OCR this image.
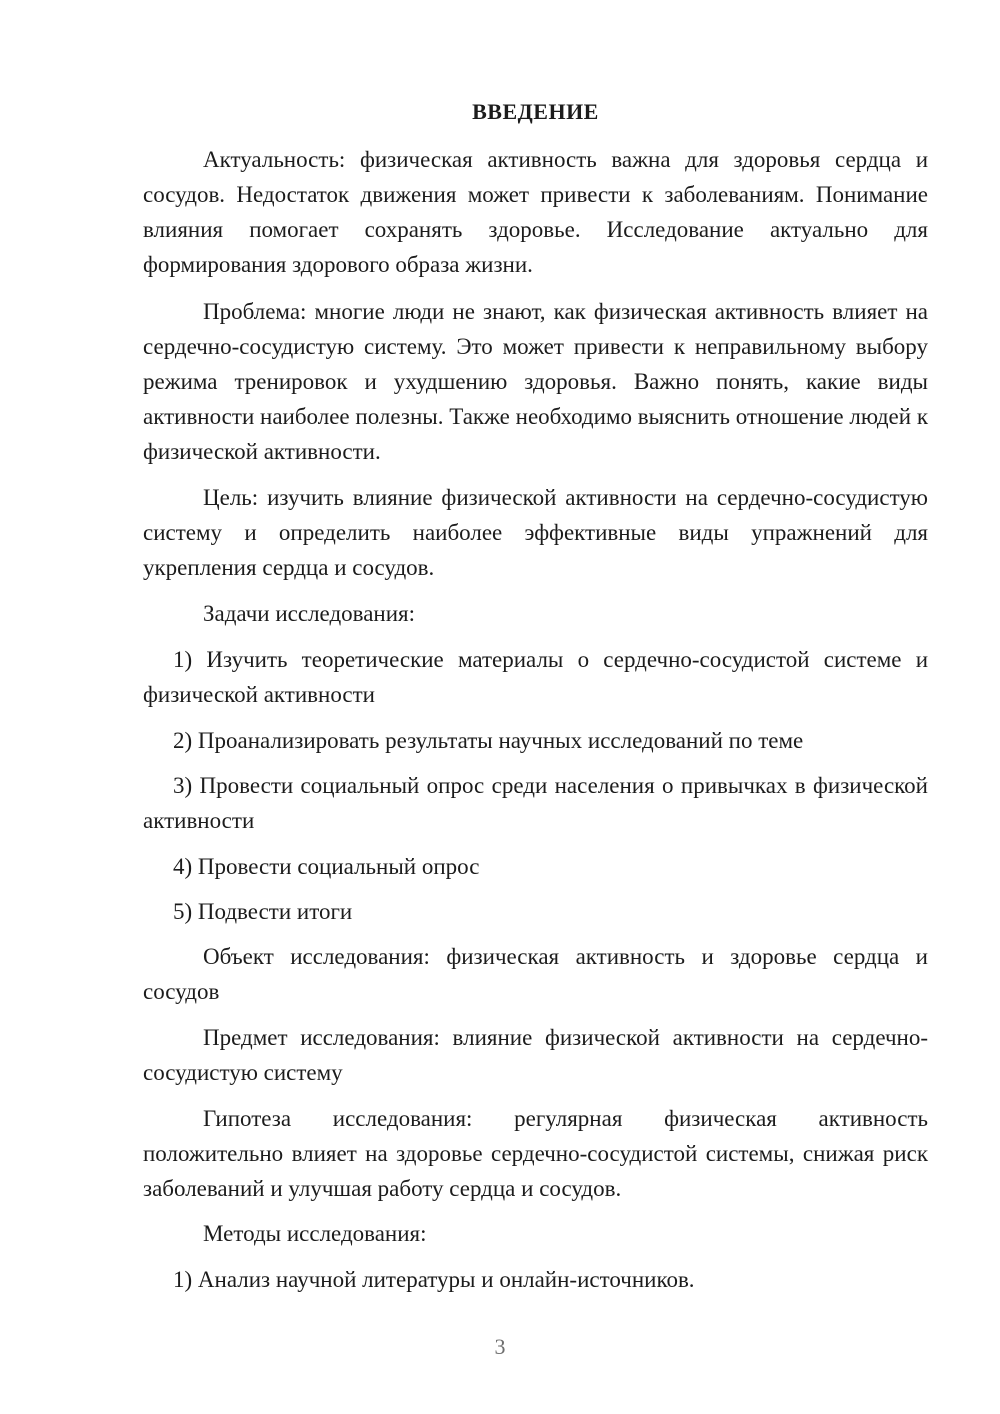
ВВЕДЕНИЕ

Актуальность: физическая активность важна для здоровья сердца и сосудов. Недостаток движения может привести к заболеваниям. Понимание влияния помогает сохранять здоровье. Исследование актуально для формирования здорового образа жизни.

Проблема: многие люди не знают, как физическая активность влияет на сердечно-сосудистую систему. Это может привести к неправильному выбору режима тренировок и ухудшению здоровья. Важно понять, какие виды активности наиболее полезны. Также необходимо выяснить отношение людей к физической активности.

Цель: изучить влияние физической активности на сердечно-сосудистую систему и определить наиболее эффективные виды упражнений для укрепления сердца и сосудов.

Задачи исследования:

1) Изучить теоретические материалы о сердечно-сосудистой системе и физической активности

2) Проанализировать результаты научных исследований по теме

3) Провести социальный опрос среди населения о привычках в физической активности

4) Провести социальный опрос

5) Подвести итоги

Объект исследования: физическая активность и здоровье сердца и сосудов

Предмет исследования: влияние физической активности на сердечно-сосудистую систему

Гипотеза исследования: регулярная физическая активность положительно влияет на здоровье сердечно-сосудистой системы, снижая риск заболеваний и улучшая работу сердца и сосудов.

Методы исследования:

1) Анализ научной литературы и онлайн-источников.

3
